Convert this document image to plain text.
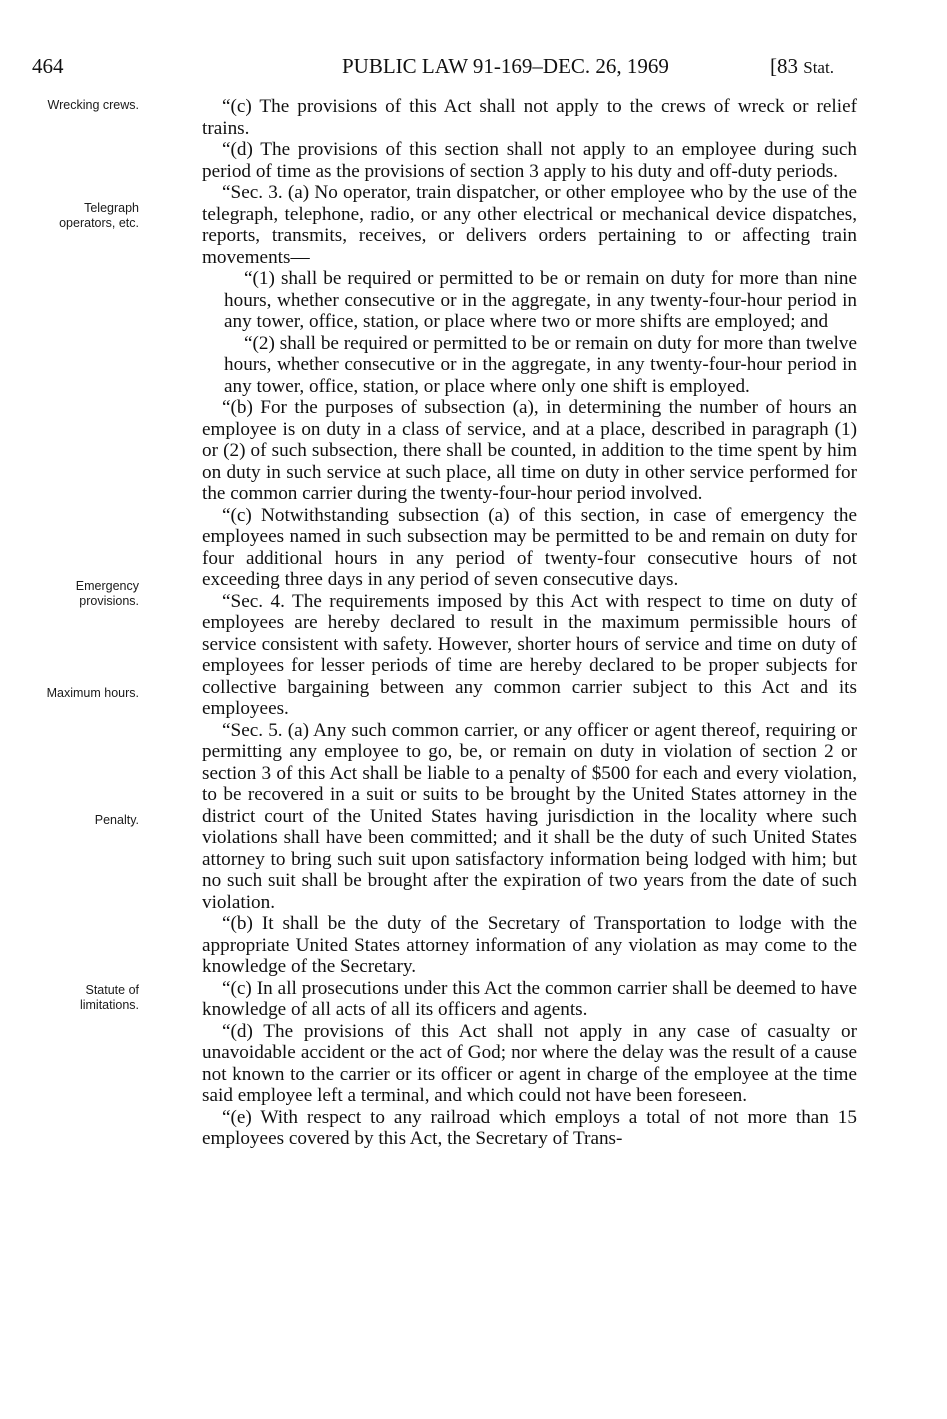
464	PUBLIC LAW 91-169–DEC. 26, 1969	[83 Stat.
Wrecking crews.
Telegraph
operators, etc.
Emergency
provisions.
Maximum hours.
Penalty.
Statute of
limitations.

“(c) The provisions of this Act shall not apply to the crews of wreck or relief trains.

“(d) The provisions of this section shall not apply to an employee during such period of time as the provisions of section 3 apply to his duty and off-duty periods.

“Sec. 3. (a) No operator, train dispatcher, or other employee who by the use of the telegraph, telephone, radio, or any other electrical or mechanical device dispatches, reports, transmits, receives, or delivers orders pertaining to or affecting train movements—

“(1) shall be required or permitted to be or remain on duty for more than nine hours, whether consecutive or in the aggregate, in any twenty-four-hour period in any tower, office, station, or place where two or more shifts are employed; and

“(2) shall be required or permitted to be or remain on duty for more than twelve hours, whether consecutive or in the aggregate, in any twenty-four-hour period in any tower, office, station, or place where only one shift is employed.

“(b) For the purposes of subsection (a), in determining the number of hours an employee is on duty in a class of service, and at a place, described in paragraph (1) or (2) of such subsection, there shall be counted, in addition to the time spent by him on duty in such service at such place, all time on duty in other service performed for the common carrier during the twenty-four-hour period involved.

“(c) Notwithstanding subsection (a) of this section, in case of emergency the employees named in such subsection may be permitted to be and remain on duty for four additional hours in any period of twenty-four consecutive hours of not exceeding three days in any period of seven consecutive days.

“Sec. 4. The requirements imposed by this Act with respect to time on duty of employees are hereby declared to result in the maximum permissible hours of service consistent with safety. However, shorter hours of service and time on duty of employees for lesser periods of time are hereby declared to be proper subjects for collective bargaining between any common carrier subject to this Act and its employees.

“Sec. 5. (a) Any such common carrier, or any officer or agent thereof, requiring or permitting any employee to go, be, or remain on duty in violation of section 2 or section 3 of this Act shall be liable to a penalty of $500 for each and every violation, to be recovered in a suit or suits to be brought by the United States attorney in the district court of the United States having jurisdiction in the locality where such violations shall have been committed; and it shall be the duty of such United States attorney to bring such suit upon satisfactory information being lodged with him; but no such suit shall be brought after the expiration of two years from the date of such violation.

“(b) It shall be the duty of the Secretary of Transportation to lodge with the appropriate United States attorney information of any violation as may come to the knowledge of the Secretary.

“(c) In all prosecutions under this Act the common carrier shall be deemed to have knowledge of all acts of all its officers and agents.

“(d) The provisions of this Act shall not apply in any case of casualty or unavoidable accident or the act of God; nor where the delay was the result of a cause not known to the carrier or its officer or agent in charge of the employee at the time said employee left a terminal, and which could not have been foreseen.

“(e) With respect to any railroad which employs a total of not more than 15 employees covered by this Act, the Secretary of Trans-
